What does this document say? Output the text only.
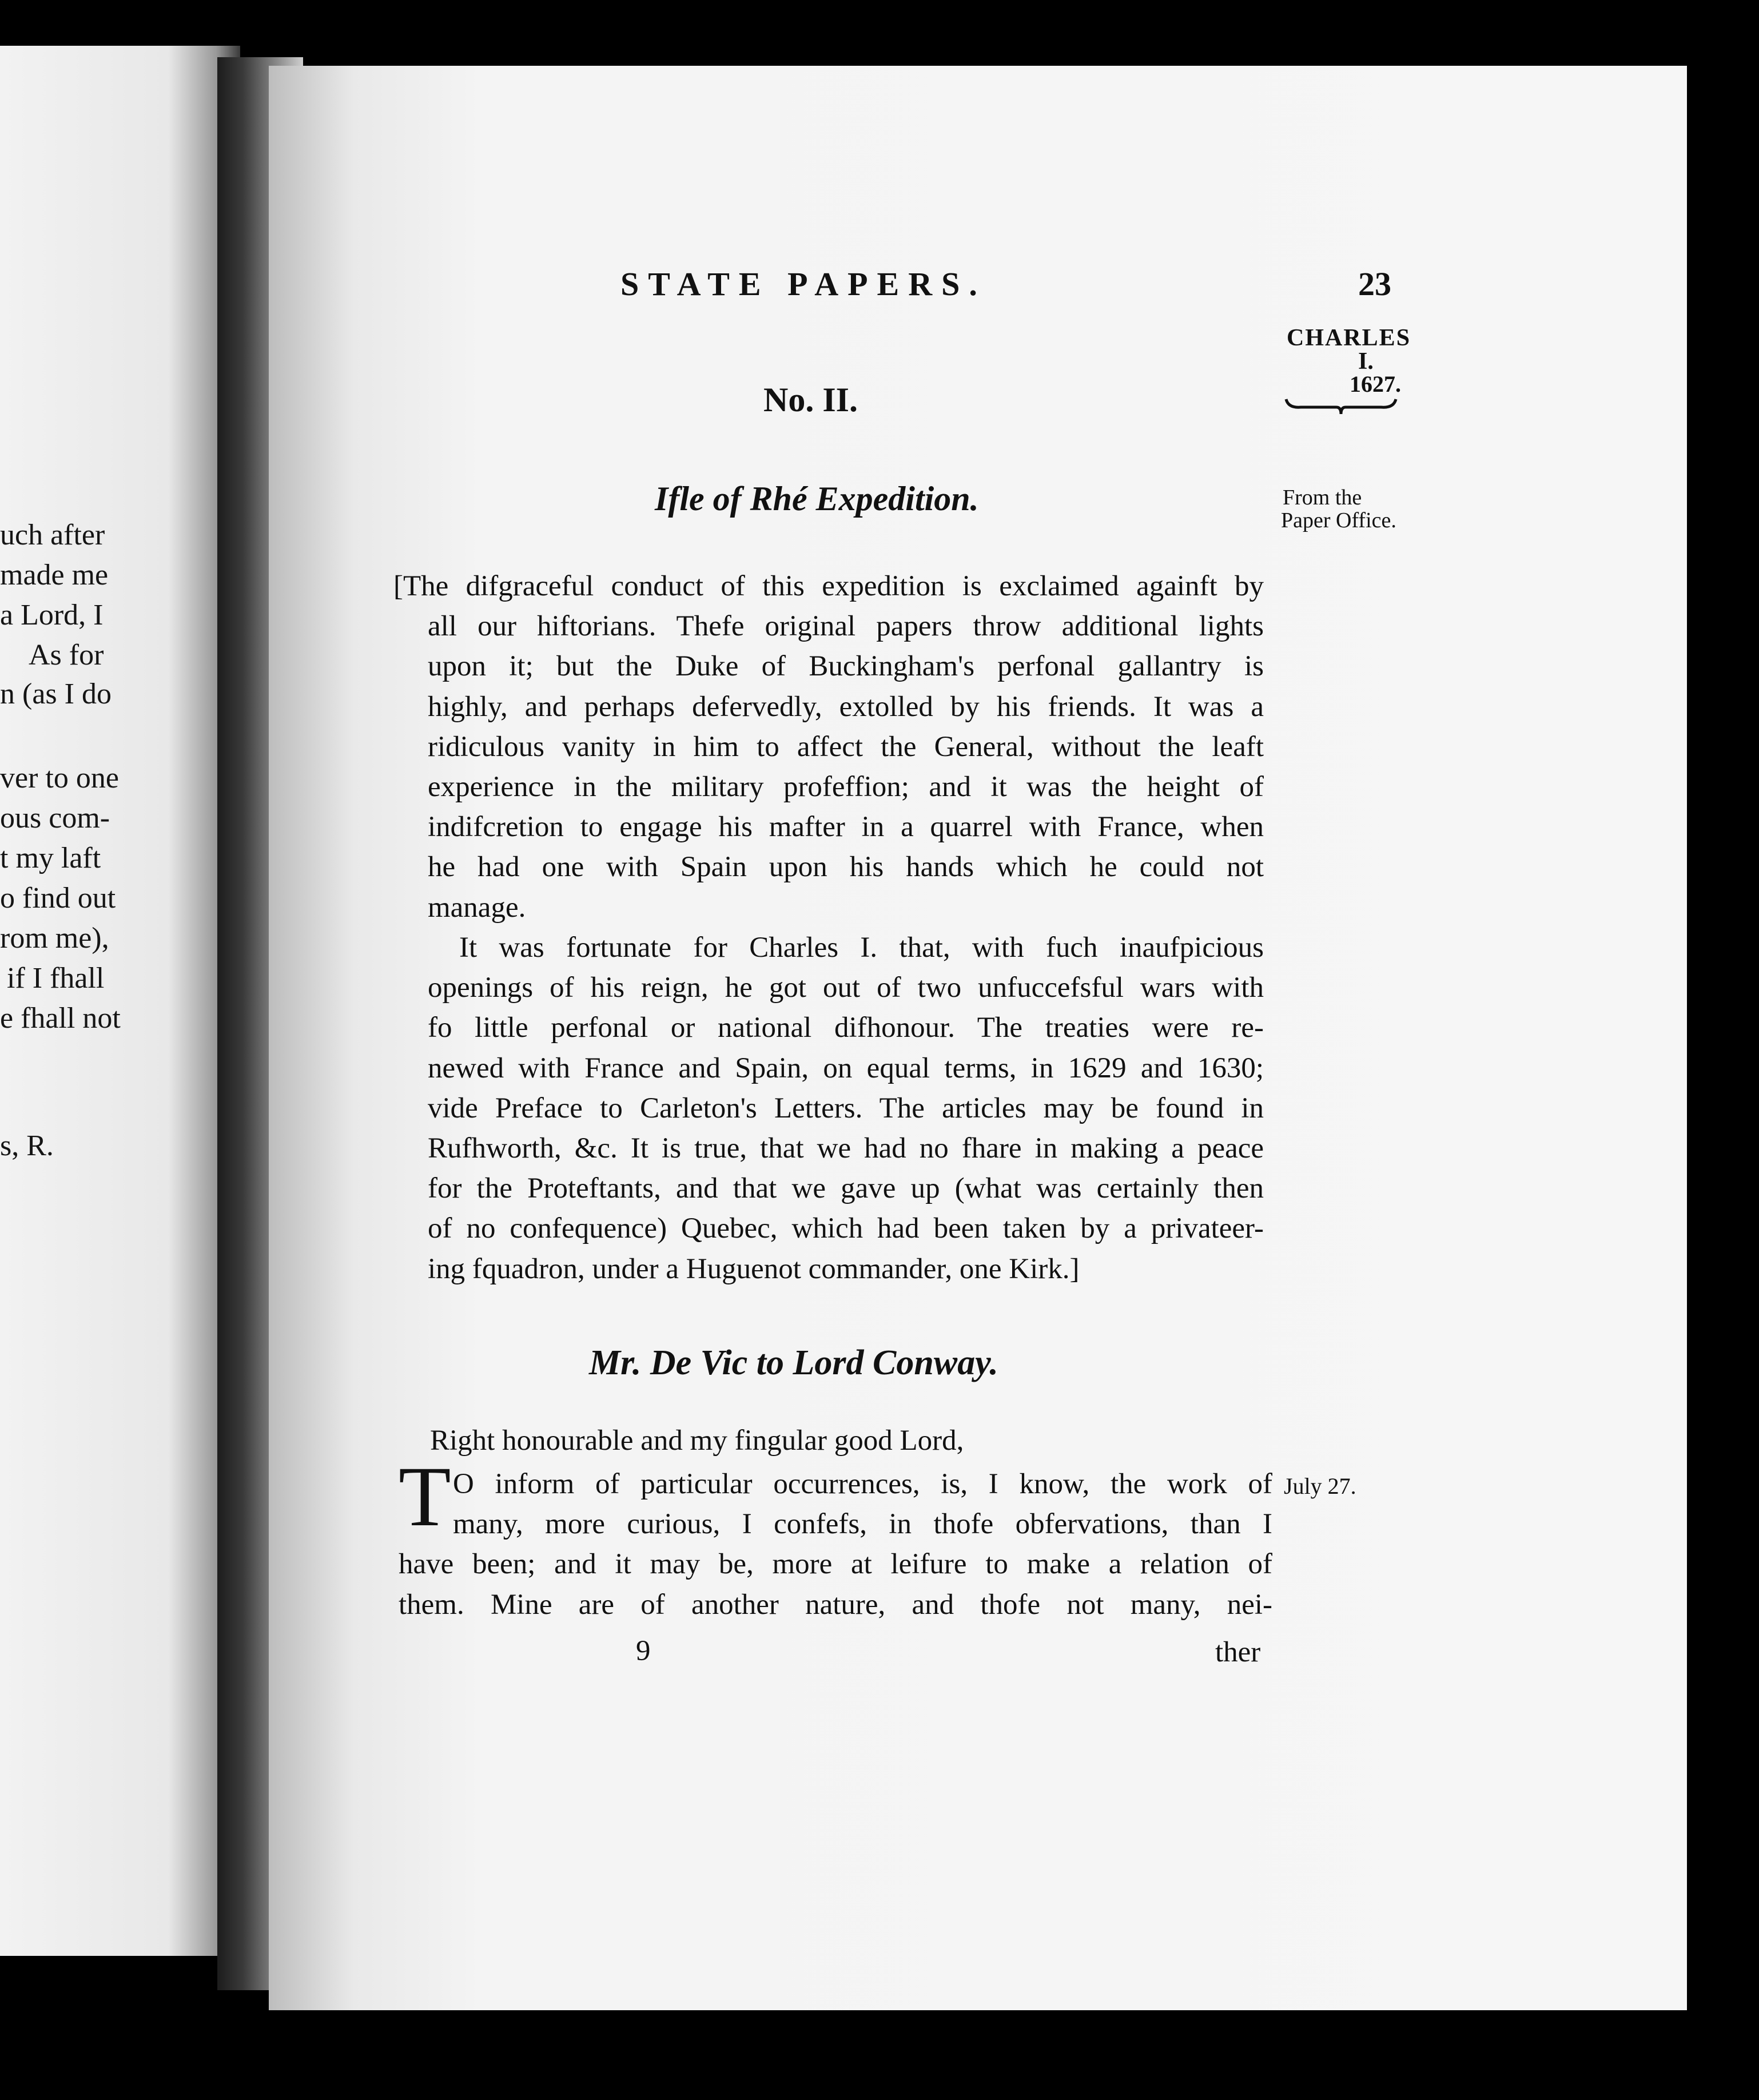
uch after
made me
a Lord, I
As for
n (as I do
ver to one
ous com-
t my laft
o find out
rom me),
if I fhall
e fhall not
s, R.
STATE PAPERS.	23
CHARLES
I.
1627.
From the
Paper Office.
No. II.
Ifle of Rhé Expedition.
[The difgraceful conduct of this expedition is exclaimed againft by
all our hiftorians. Thefe original papers throw additional lights
upon it; but the Duke of Buckingham's perfonal gallantry is
highly, and perhaps defervedly, extolled by his friends. It was a
ridiculous vanity in him to affect the General, without the leaft
experience in the military profeffion; and it was the height of
indifcretion to engage his mafter in a quarrel with France, when
he had one with Spain upon his hands which he could not
manage.
It was fortunate for Charles I. that, with fuch inaufpicious
openings of his reign, he got out of two unfuccefsful wars with
fo little perfonal or national difhonour. The treaties were re-
newed with France and Spain, on equal terms, in 1629 and 1630;
vide Preface to Carleton's Letters. The articles may be found in
Rufhworth, &c. It is true, that we had no fhare in making a peace
for the Proteftants, and that we gave up (what was certainly then
of no confequence) Quebec, which had been taken by a privateer-
ing fquadron, under a Huguenot commander, one Kirk.]
Mr. De Vic to Lord Conway.
Right honourable and my fingular good Lord,
T O inform of particular occurrences, is, I know, the work of
many, more curious, I confefs, in thofe obfervations, than I
have been; and it may be, more at leifure to make a relation of
them. Mine are of another nature, and thofe not many, nei-
July 27.
9	ther
